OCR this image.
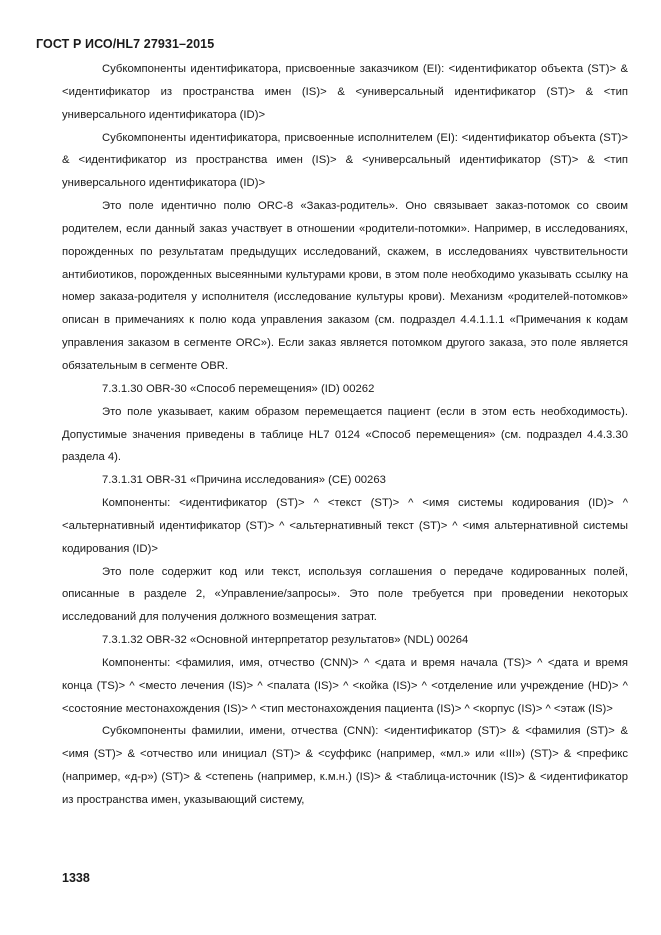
ГОСТ Р ИСО/HL7 27931–2015

Субкомпоненты идентификатора, присвоенные заказчиком (EI): <идентификатор объекта (ST)> & <идентификатор из пространства имен (IS)> & <универсальный идентификатор (ST)> & <тип универсального идентификатора (ID)>

Субкомпоненты идентификатора, присвоенные исполнителем (EI): <идентификатор объекта (ST)> & <идентификатор из пространства имен (IS)> & <универсальный идентификатор (ST)> & <тип универсального идентификатора (ID)>

Это поле идентично полю ORC-8 «Заказ-родитель». Оно связывает заказ-потомок со своим родителем, если данный заказ участвует в отношении «родители-потомки». Например, в исследованиях, порожденных по результатам предыдущих исследований, скажем, в исследованиях чувствительности антибиотиков, порожденных высеянными культурами крови, в этом поле необходимо указывать ссылку на номер заказа-родителя у исполнителя (исследование культуры крови). Механизм «родителей-потомков» описан в примечаниях к полю кода управления заказом (см. подраздел 4.4.1.1.1 «Примечания к кодам управления заказом в сегменте ORC»). Если заказ является потомком другого заказа, это поле является обязательным в сегменте OBR.

7.3.1.30 OBR-30 «Способ перемещения» (ID) 00262

Это поле указывает, каким образом перемещается пациент (если в этом есть необходимость). Допустимые значения приведены в таблице HL7 0124 «Способ перемещения» (см. подраздел 4.4.3.30 раздела 4).

7.3.1.31 OBR-31 «Причина исследования» (CE) 00263

Компоненты: <идентификатор (ST)> ^ <текст (ST)> ^ <имя системы кодирования (ID)> ^ <альтернативный идентификатор (ST)> ^ <альтернативный текст (ST)> ^ <имя альтернативной системы кодирования (ID)>

Это поле содержит код или текст, используя соглашения о передаче кодированных полей, описанные в разделе 2, «Управление/запросы». Это поле требуется при проведении некоторых исследований для получения должного возмещения затрат.

7.3.1.32 OBR-32 «Основной интерпретатор результатов» (NDL) 00264

Компоненты: <фамилия, имя, отчество (CNN)> ^ <дата и время начала (TS)> ^ <дата и время конца (TS)> ^ <место лечения (IS)> ^ <палата (IS)> ^ <койка (IS)> ^ <отделение или учреждение (HD)> ^ <состояние местонахождения (IS)> ^ <тип местонахождения пациента (IS)> ^ <корпус (IS)> ^ <этаж (IS)>

Субкомпоненты фамилии, имени, отчества (CNN): <идентификатор (ST)> & <фамилия (ST)> & <имя (ST)> & <отчество или инициал (ST)> & <суффикс (например, «мл.» или «III») (ST)> & <префикс (например, «д-р») (ST)> & <степень (например, к.м.н.) (IS)> & <таблица-источник (IS)> & <идентификатор из пространства имен, указывающий систему,

1338
